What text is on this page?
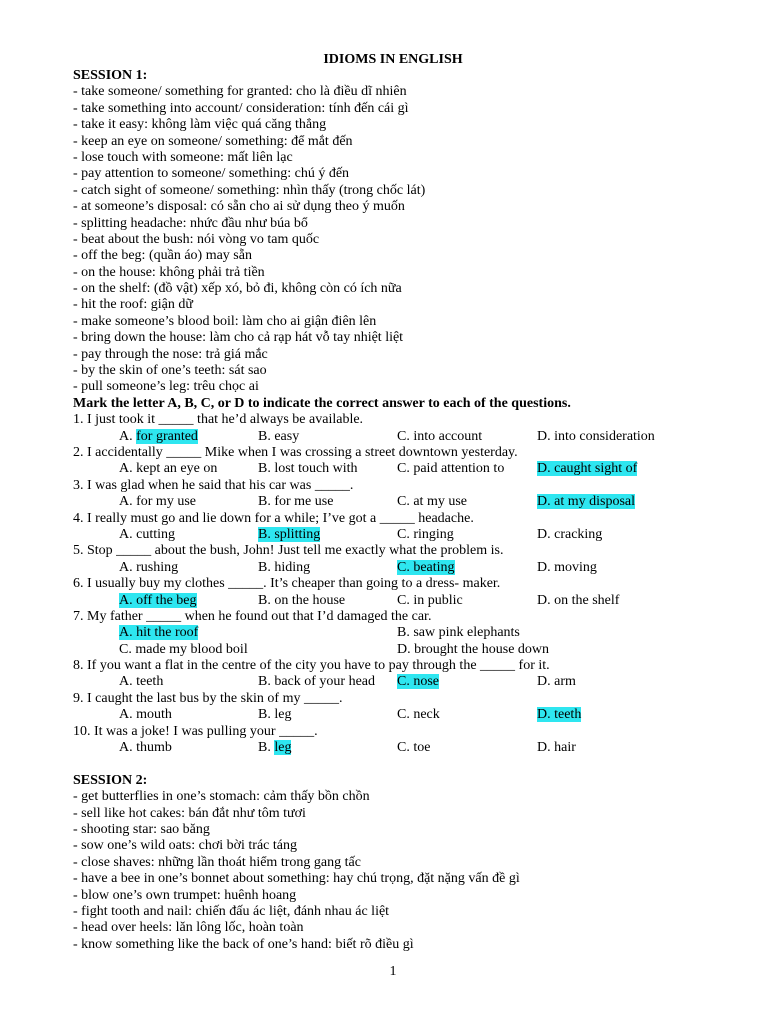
IDIOMS IN ENGLISH
SESSION 1:
- take someone/ something for granted: cho là điều dĩ nhiên
- take something into account/ consideration: tính đến cái gì
- take it easy: không làm việc quá căng thẳng
- keep an eye on someone/ something: để mắt đến
- lose touch with someone: mất liên lạc
- pay attention to someone/ something: chú ý đến
- catch sight of someone/ something: nhìn thấy (trong chốc lát)
- at someone’s disposal: có sẵn cho ai sử dụng theo ý muốn
- splitting headache: nhức đầu như búa bổ
- beat about the bush: nói vòng vo tam quốc
- off the beg: (quần áo) may sẵn
- on the house: không phải trả tiền
- on the shelf: (đồ vật) xếp xó, bỏ đi, không còn có ích nữa
- hit the roof: giận dữ
- make someone’s blood boil: làm cho ai giận điên lên
- bring down the house: làm cho cả rạp hát vỗ tay nhiệt liệt
- pay through the nose: trả giá mắc
- by the skin of one’s teeth: sát sao
- pull someone’s leg: trêu chọc ai
Mark the letter A, B, C, or D to indicate the correct answer to each of the questions.
1. I just took it _____ that he’d always be available.
A. for granted	B. easy	C. into account	D. into consideration
2. I accidentally _____ Mike when I was crossing a street downtown yesterday.
A. kept an eye on	B. lost touch with	C. paid attention to D. caught sight of
3. I was glad when he said that his car was _____.
A. for my use	B. for me use	C. at my use	D. at my disposal
4. I really must go and lie down for a while; I’ve got a _____ headache.
A. cutting	B. splitting	C. ringing	D. cracking
5. Stop _____ about the bush, John! Just tell me exactly what the problem is.
A. rushing	B. hiding	C. beating	D. moving
6. I usually buy my clothes _____. It’s cheaper than going to a dress- maker.
A. off the beg	B. on the house	C. in public	D. on the shelf
7. My father _____ when he found out that I’d damaged the car.
A. hit the roof	B. saw pink elephants
C. made my blood boil	D. brought the house down
8. If you want a flat in the centre of the city you have to pay through the _____ for it.
A. teeth	B. back of your head C. nose	D. arm
9. I caught the last bus by the skin of my _____.
A. mouth	B. leg	C. neck	D. teeth
10. It was a joke! I was pulling your _____.
A. thumb	B. leg	C. toe	D. hair
SESSION 2:
- get butterflies in one’s stomach: cảm thấy bồn chồn
- sell like hot cakes: bán đắt như tôm tươi
- shooting star: sao băng
- sow one’s wild oats: chơi bời trác táng
- close shaves: những lần thoát hiểm trong gang tấc
- have a bee in one’s bonnet about something: hay chú trọng, đặt nặng vấn đề gì
- blow one’s own trumpet: huênh hoang
- fight tooth and nail: chiến đấu ác liệt, đánh nhau ác liệt
- head over heels: lăn lông lốc, hoàn toàn
- know something like the back of one’s hand: biết rõ điều gì
1
